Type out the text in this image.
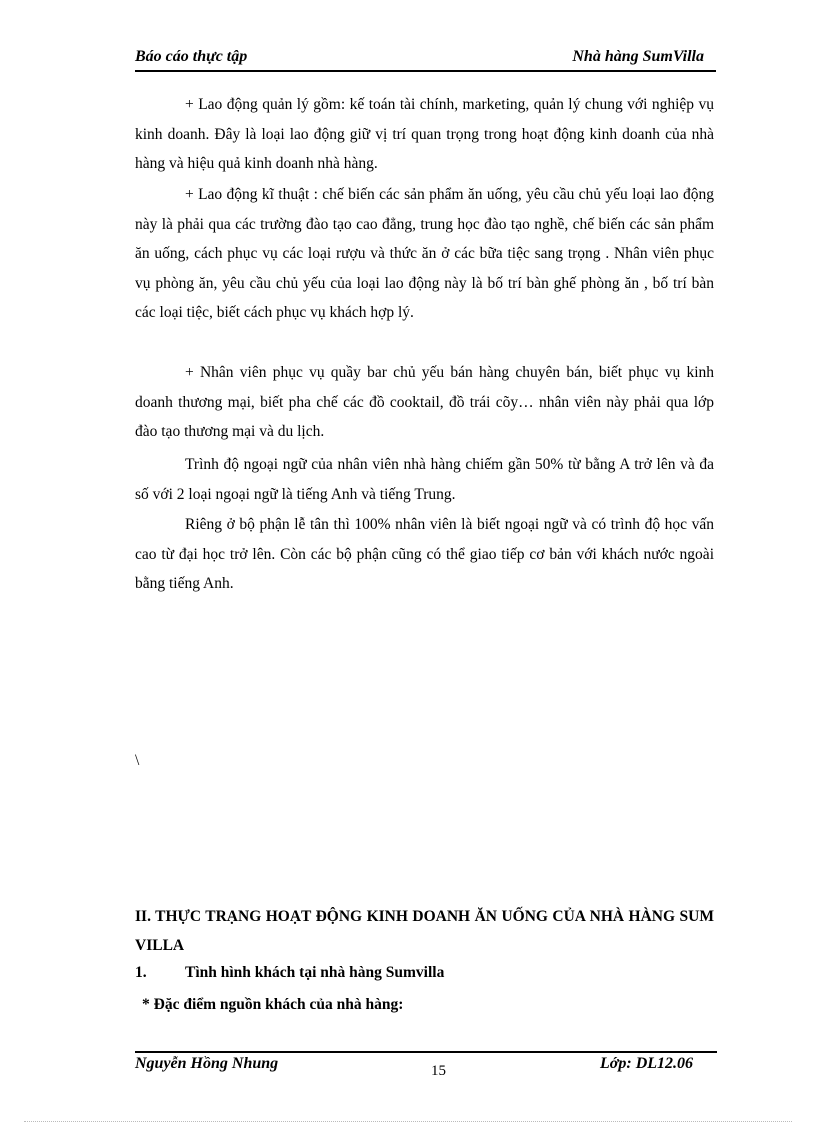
Báo cáo thực tập	Nhà hàng SumVilla
+ Lao động quản lý gồm: kế toán tài chính, marketing, quản lý chung với nghiệp vụ kinh doanh. Đây là loại lao động giữ vị trí quan trọng trong hoạt động kinh doanh của nhà hàng và hiệu quả kinh doanh nhà hàng.
+ Lao động kĩ thuật : chế biến các sản phẩm ăn uống, yêu cầu chủ yếu loại lao động này là phải qua các trường đào tạo cao đẳng, trung học đào tạo nghề, chế biến các sản phẩm ăn uống, cách phục vụ các loại rượu và thức ăn ở các bữa tiệc sang trọng . Nhân viên phục vụ phòng ăn, yêu cầu chủ yếu của loại lao động này là bố trí bàn ghế phòng ăn , bố trí bàn các loại tiệc, biết cách phục vụ khách hợp lý.
+ Nhân viên phục vụ quầy bar chủ yếu bán hàng chuyên bán, biết phục vụ kinh doanh thương mại, biết pha chế các đồ cooktail, đồ trái cõy… nhân viên này phải qua lớp đào tạo thương mại và du lịch.
Trình độ ngoại ngữ của nhân viên nhà hàng chiếm gần 50% từ bằng A trở lên và đa số với 2 loại ngoại ngữ là tiếng Anh và tiếng Trung.
Riêng ở bộ phận lễ tân thì 100% nhân viên là biết ngoại ngữ và có trình độ học vấn cao từ đại học trở lên. Còn các bộ phận cũng có thể giao tiếp cơ bản với khách nước ngoài bằng tiếng Anh.
\
II. THỰC TRẠNG HOẠT ĐỘNG KINH DOANH ĂN UỐNG CỦA NHÀ HÀNG SUM VILLA
1. Tình hình khách tại nhà hàng Sumvilla
* Đặc điểm nguồn khách của nhà hàng:
Nguyễn Hồng Nhung	15	Lớp: DL12.06
